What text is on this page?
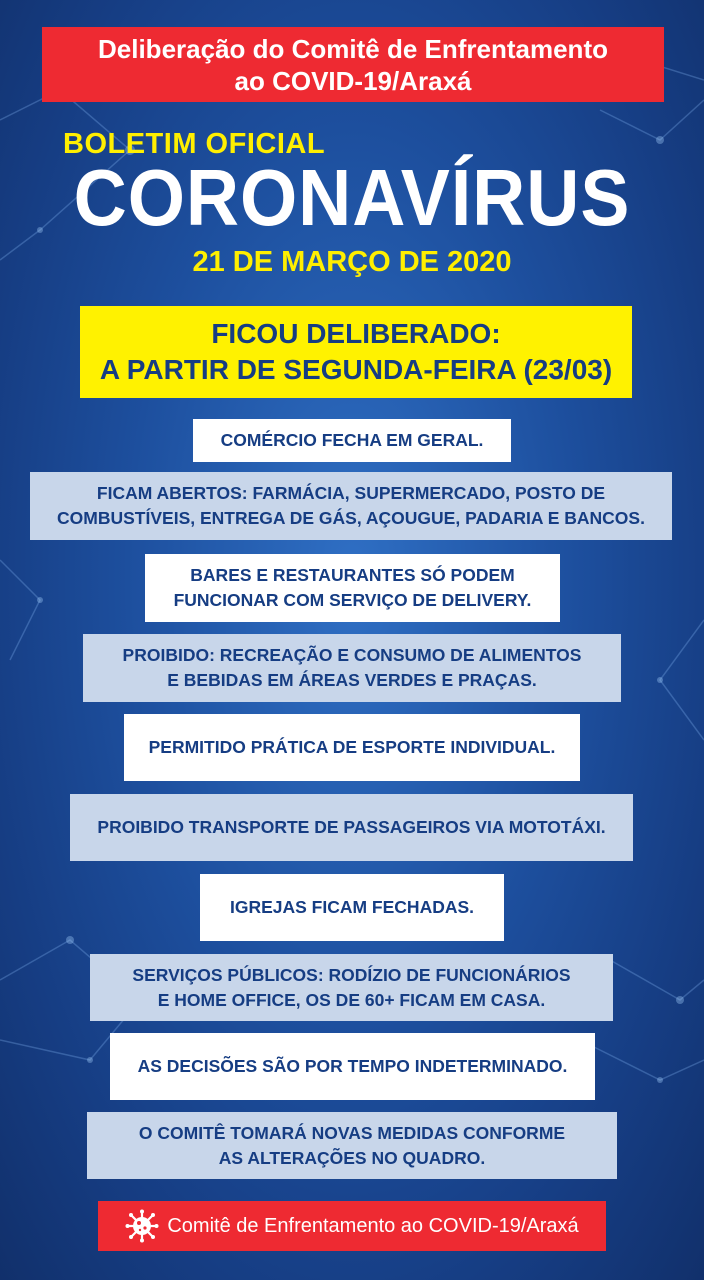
Deliberação do Comitê de Enfrentamento
ao COVID-19/Araxá
BOLETIM OFICIAL
CORONAVÍRUS
21 DE MARÇO DE 2020
FICOU DELIBERADO:
A PARTIR DE SEGUNDA-FEIRA (23/03)
COMÉRCIO FECHA EM GERAL.
FICAM ABERTOS: FARMÁCIA, SUPERMERCADO, POSTO DE
COMBUSTÍVEIS, ENTREGA DE GÁS, AÇOUGUE, PADARIA E BANCOS.
BARES E RESTAURANTES SÓ PODEM
FUNCIONAR COM SERVIÇO DE DELIVERY.
PROIBIDO: RECREAÇÃO E CONSUMO DE ALIMENTOS
E BEBIDAS EM ÁREAS VERDES E PRAÇAS.
PERMITIDO PRÁTICA DE ESPORTE INDIVIDUAL.
PROIBIDO TRANSPORTE DE PASSAGEIROS VIA MOTOTÁXI.
IGREJAS FICAM FECHADAS.
SERVIÇOS PÚBLICOS: RODÍZIO DE FUNCIONÁRIOS
E HOME OFFICE, OS DE 60+ FICAM EM CASA.
AS DECISÕES SÃO POR TEMPO INDETERMINADO.
O COMITÊ TOMARÁ NOVAS MEDIDAS CONFORME
AS ALTERAÇÕES NO QUADRO.
Comitê de Enfrentamento ao COVID-19/Araxá
